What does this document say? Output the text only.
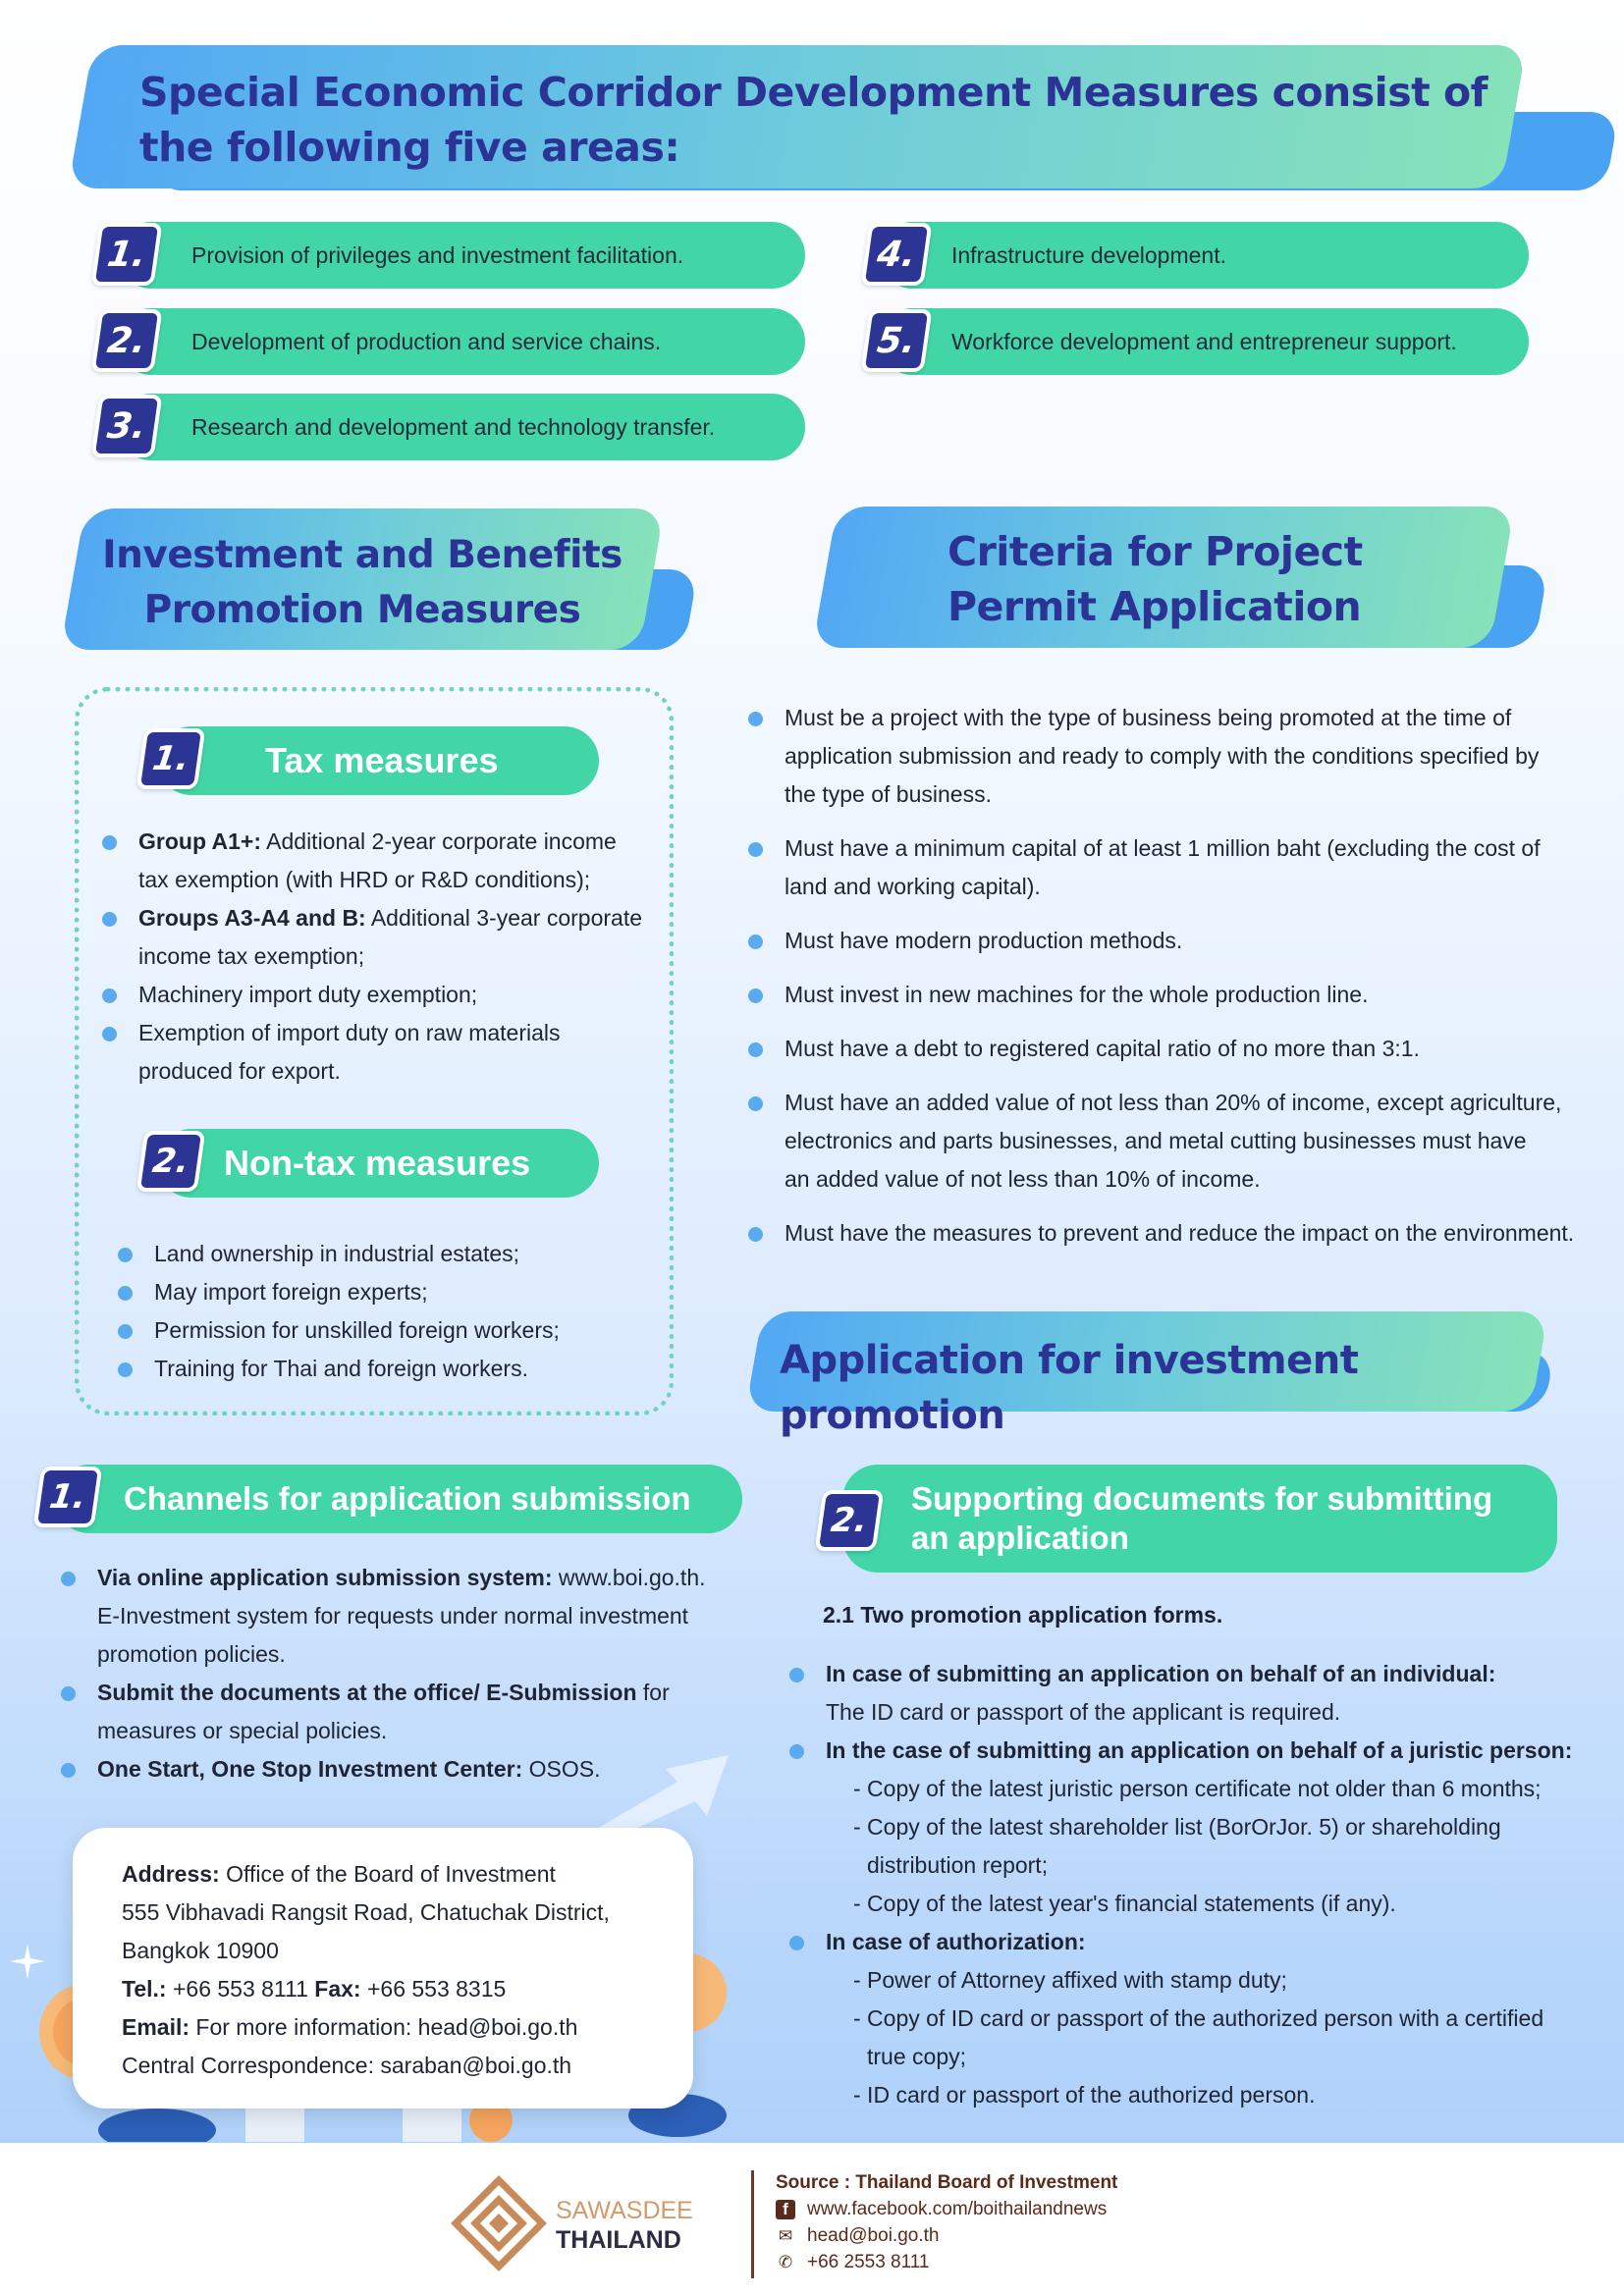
Special Economic Corridor Development Measures consist of
the following five areas:
Provision of privileges and investment facilitation.
1.
Development of production and service chains.
2.
Research and development and technology transfer.
3.
Infrastructure development.
4.
Workforce development and entrepreneur support.
5.
Investment and Benefits
Promotion Measures
Criteria for Project
Permit Application
Tax measures
1.
Group A1+: Additional 2-year corporate income
tax exemption (with HRD or R&D conditions);
Groups A3-A4 and B: Additional 3-year corporate
income tax exemption;
Machinery import duty exemption;
Exemption of import duty on raw materials
produced for export.
Non-tax measures
2.
Land ownership in industrial estates;
May import foreign experts;
Permission for unskilled foreign workers;
Training for Thai and foreign workers.
Must be a project with the type of business being promoted at the time of
application submission and ready to comply with the conditions specified by
the type of business.
Must have a minimum capital of at least 1 million baht (excluding the cost of
land and working capital).
Must have modern production methods.
Must invest in new machines for the whole production line.
Must have a debt to registered capital ratio of no more than 3:1.
Must have an added value of not less than 20% of income, except agriculture,
electronics and parts businesses, and metal cutting businesses must have
an added value of not less than 10% of income.
Must have the measures to prevent and reduce the impact on the environment.
Application for investment promotion
Channels for application submission
1.
Via online application submission system: www.boi.go.th.
E-Investment system for requests under normal investment
promotion policies.
Submit the documents at the office/ E-Submission for
measures or special policies.
One Start, One Stop Investment Center: OSOS.
Address: Office of the Board of Investment
555 Vibhavadi Rangsit Road, Chatuchak District,
Bangkok 10900
Tel.: +66 553 8111 Fax: +66 553 8315
Email: For more information: head@boi.go.th
Central Correspondence: saraban@boi.go.th
Supporting documents for submitting
an application
2.
2.1 Two promotion application forms.
In case of submitting an application on behalf of an individual:
The ID card or passport of the applicant is required.
In the case of submitting an application on behalf of a juristic person:
- Copy of the latest juristic person certificate not older than 6 months;
- Copy of the latest shareholder list (BorOrJor. 5) or shareholding
distribution report;
- Copy of the latest year's financial statements (if any).
In case of authorization:
- Power of Attorney affixed with stamp duty;
- Copy of ID card or passport of the authorized person with a certified
true copy;
- ID card or passport of the authorized person.
SAWASDEE
THAILAND
Source : Thailand Board of Investment
f	www.facebook.com/boithailandnews
✉ head@boi.go.th
✆ +66 2553 8111
